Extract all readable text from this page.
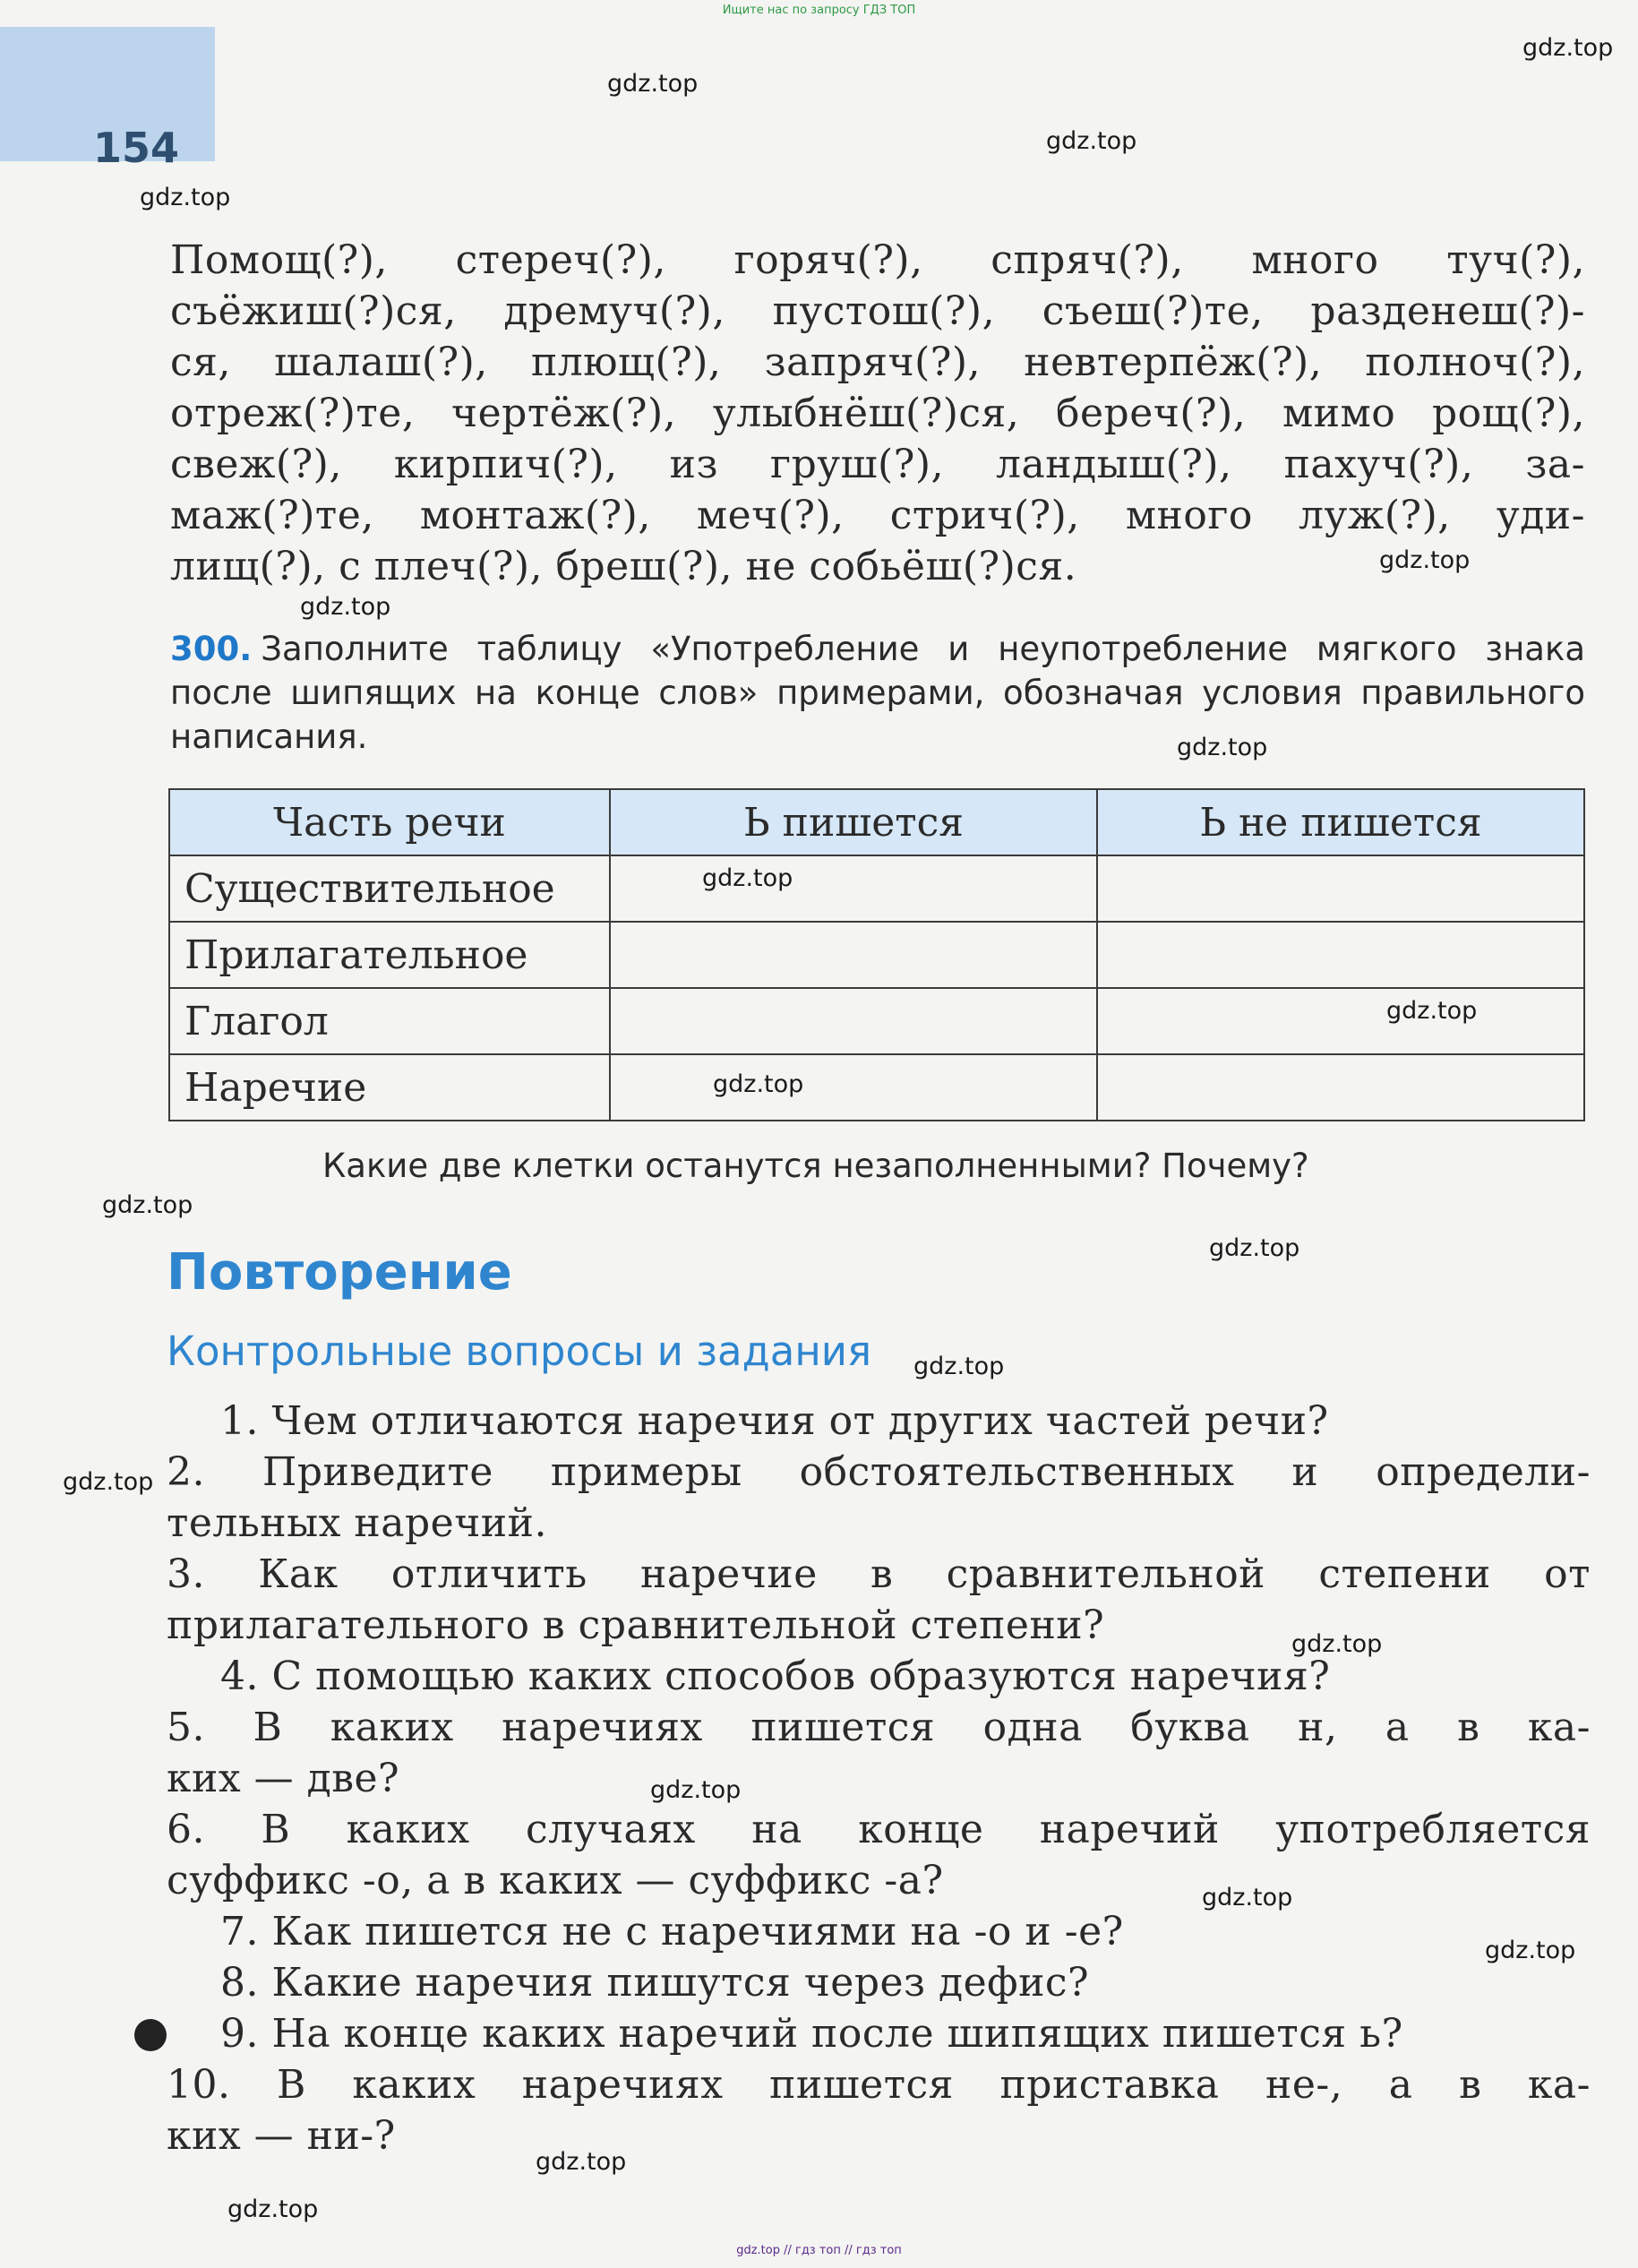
Ищите нас по запросу ГДЗ ТОП
154
gdz.top
gdz.top
gdz.top
gdz.top
gdz.top
gdz.top
gdz.top
gdz.top
gdz.top
gdz.top
gdz.top
gdz.top
gdz.top
gdz.top
gdz.top
gdz.top
gdz.top
gdz.top
gdz.top
gdz.top
Помощ(?), стереч(?), горяч(?), спряч(?), много туч(?),
съёжиш(?)ся, дремуч(?), пустош(?), съеш(?)те, разденеш(?)-
ся, шалаш(?), плющ(?), запряч(?), невтерпёж(?), полноч(?),
отреж(?)те, чертёж(?), улыбнёш(?)ся, береч(?), мимо рощ(?),
свеж(?), кирпич(?), из груш(?), ландыш(?), пахуч(?), за-
маж(?)те, монтаж(?), меч(?), стрич(?), много луж(?), уди-
лищ(?), с плеч(?), бреш(?), не собьёш(?)ся.
300. Заполните таблицу «Употребление и неупотребление мягкого знака после шипящих на конце слов» примерами, обозначая условия правильного написания.
Часть речи	Ь пишется	Ь не пишется
Существительное		
Прилагательное		
Глагол		
Наречие		
Какие две клетки останутся незаполненными? Почему?
Повторение
Контрольные вопросы и задания
1. Чем отличаются наречия от других частей речи?
2. Приведите примеры обстоятельственных и определи-
тельных наречий.
3. Как отличить наречие в сравнительной степени от
прилагательного в сравнительной степени?
4. С помощью каких способов образуются наречия?
5. В каких наречиях пишется одна буква н, а в ка-
ких — две?
6. В каких случаях на конце наречий употребляется
суффикс -о, а в каких — суффикс -а?
7. Как пишется не с наречиями на -о и -е?
8. Какие наречия пишутся через дефис?
9. На конце каких наречий после шипящих пишется ь?
10. В каких наречиях пишется приставка не-, а в ка-
ких — ни-?
gdz.top // гдз топ // гдз топ
